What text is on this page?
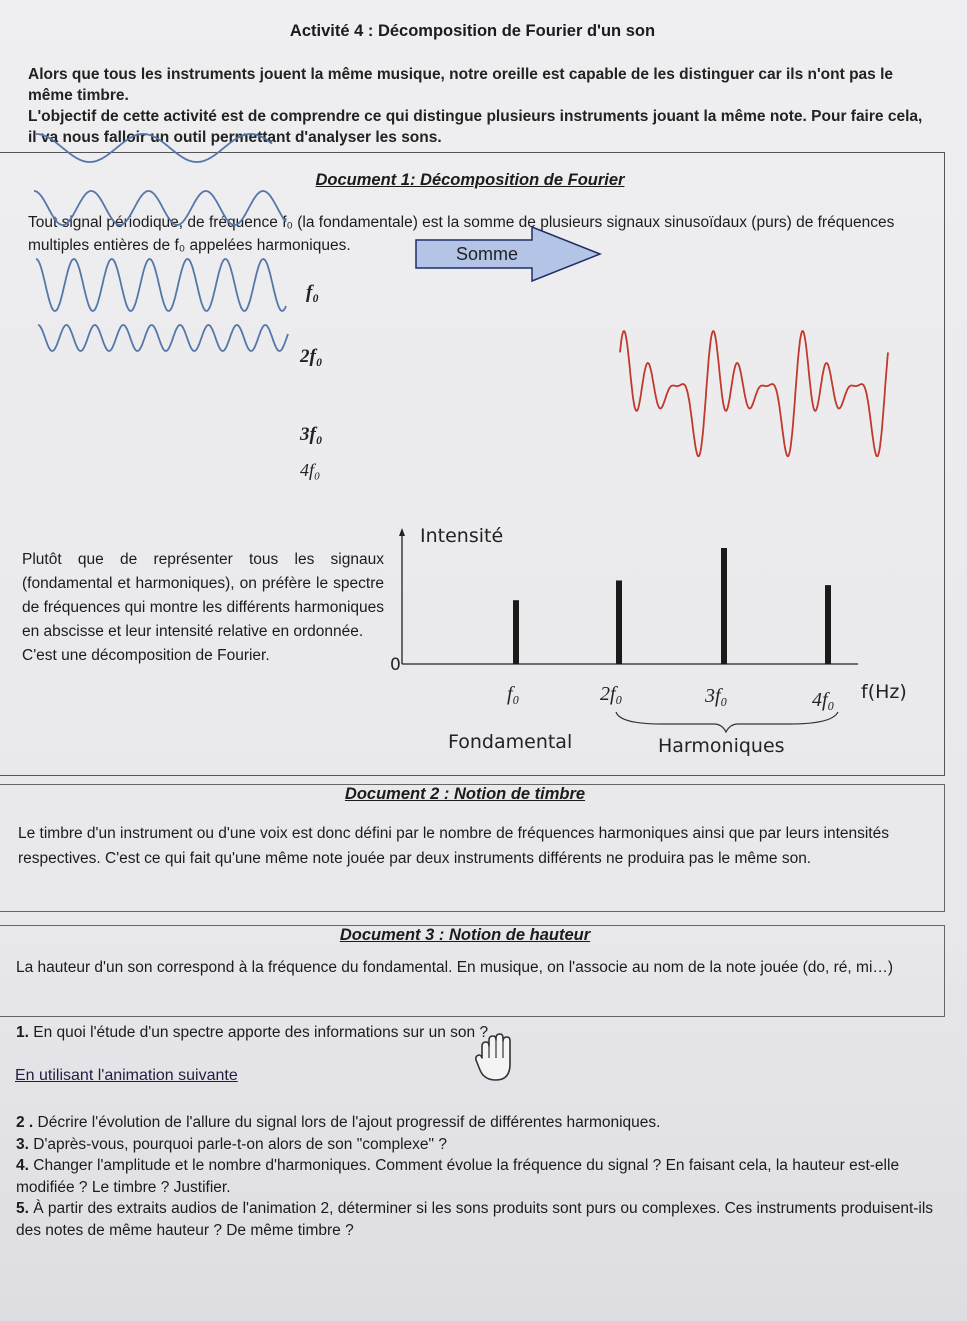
Activité 4 : Décomposition de Fourier d'un son

Alors que tous les instruments jouent la même musique, notre oreille est capable de les distinguer car ils n'ont pas le même timbre.

L'objectif de cette activité est de comprendre ce qui distingue plusieurs instruments jouant la même note. Pour faire cela, il va nous falloir un outil permettant d'analyser les sons.

Document 1: Décomposition de Fourier
Tout signal périodique, de fréquence f₀ (la fondamentale) est la somme de plusieurs signaux sinusoïdaux (purs) de fréquences multiples entières de f₀ appelées harmoniques.
f₀
2f₀
3f₀
4f₀
Somme

Plutôt que de représenter tous les signaux (fondamental et harmoniques), on préfère le spectre de fréquences qui montre les différents harmoniques en abscisse et leur intensité relative en ordonnée.

C'est une décomposition de Fourier.

Intensité
0
f₀	2f₀	3f₀	4f₀ f(Hz)
Fondamental	Harmoniques
Document 2 : Notion de timbre
Le timbre d'un instrument ou d'une voix est donc défini par le nombre de fréquences harmoniques ainsi que par leurs intensités respectives. C'est ce qui fait qu'une même note jouée par deux instruments différents ne produira pas le même son.
Document 3 : Notion de hauteur
La hauteur d'un son correspond à la fréquence du fondamental. En musique, on l'associe au nom de la note jouée (do, ré, mi…)
1. En quoi l'étude d'un spectre apporte des informations sur un son ?
En utilisant l'animation suivante

2 . Décrire l'évolution de l'allure du signal lors de l'ajout progressif de différentes harmoniques.

3. D'après-vous, pourquoi parle-t-on alors de son "complexe" ?

4. Changer l'amplitude et le nombre d'harmoniques. Comment évolue la fréquence du signal ? En faisant cela, la hauteur est-elle modifiée ? Le timbre ? Justifier.

5. À partir des extraits audios de l'animation 2, déterminer si les sons produits sont purs ou complexes. Ces instruments produisent-ils des notes de même hauteur ? De même timbre ?
